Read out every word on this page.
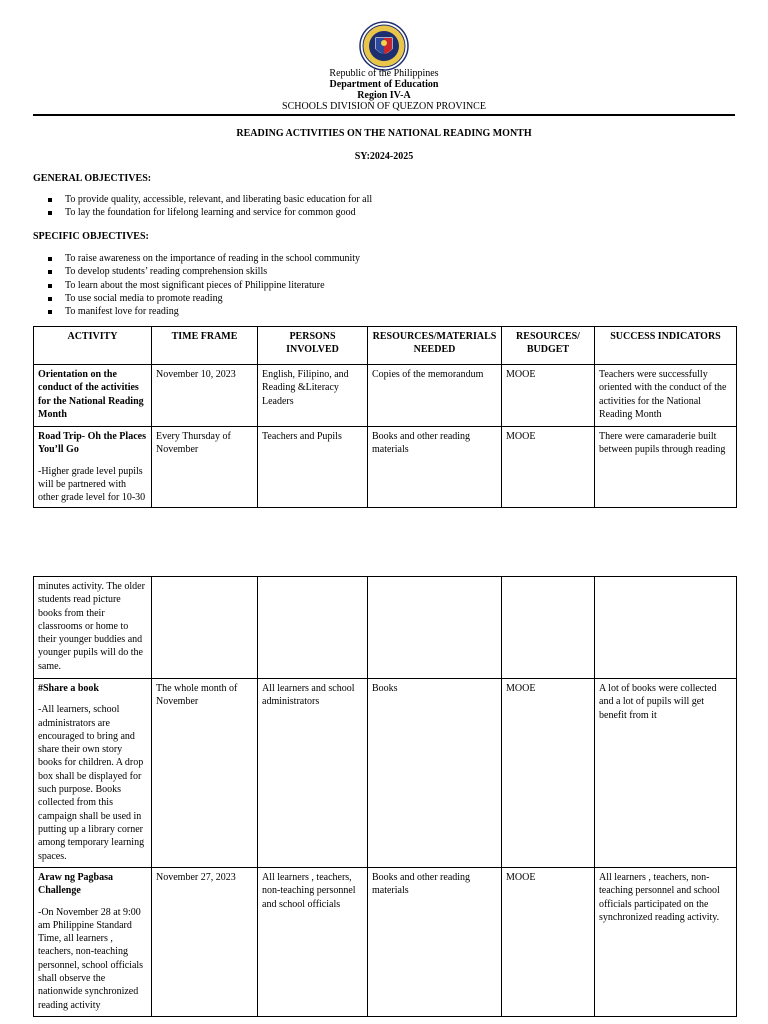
Republic of the Philippines
Department of Education
Region IV-A
SCHOOLS DIVISION OF QUEZON PROVINCE
READING ACTIVITIES ON THE NATIONAL READING MONTH
SY:2024-2025
GENERAL OBJECTIVES:
To provide quality, accessible, relevant, and liberating basic education for all
To lay the foundation for lifelong learning and service for common good
SPECIFIC OBJECTIVES:
To raise awareness on the importance of reading in the school community
To develop students’ reading comprehension skills
To learn about the most significant pieces of Philippine literature
To use social media to promote reading
To manifest love for reading
ACTIVITY	TIME FRAME	PERSONS INVOLVED	RESOURCES/MATERIALS NEEDED	RESOURCES/ BUDGET	SUCCESS INDICATORS

Orientation on the conduct of the activities for the National Reading Month	November 10, 2023	English, Filipino, and Reading &Literacy Leaders	Copies of the memorandum	MOOE	Teachers were successfully oriented with the conduct of the activities for the National Reading Month

Road Trip- Oh the Places You’ll Go
-Higher grade level pupils will be partnered with other grade level for 10-30	Every Thursday of November	Teachers and Pupils	Books and other reading materials	MOOE	There were camaraderie built between pupils through reading
minutes activity. The older students read picture books from their classrooms or home to their younger buddies and younger pupils will do the same.					

#Share a book
-All learners, school administrators are encouraged to bring and share their own story books for children. A drop box shall be displayed for such purpose. Books collected from this campaign shall be used in putting up a library corner among temporary learning spaces.	The whole month of November	All learners and school administrators	Books	MOOE	A lot of books were collected and a lot of pupils will get benefit from it

Araw ng Pagbasa Challenge
-On November 28 at 9:00 am Philippine Standard Time, all learners , teachers, non-teaching personnel, school officials shall observe the nationwide synchronized reading activity	November 27, 2023	All learners , teachers, non-teaching personnel and school officials	Books and other reading materials	MOOE	All learners , teachers, non-teaching personnel and school officials participated on the synchronized reading activity.
